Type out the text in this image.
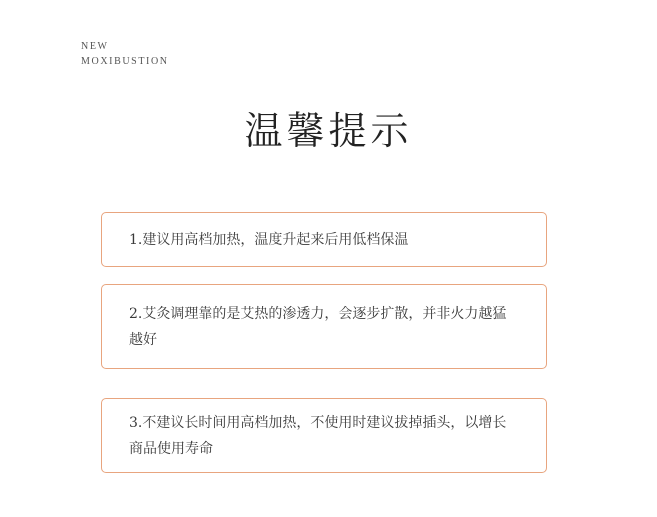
NEW
MOXIBUSTION
温馨提示
1.建议用高档加热，温度升起来后用低档保温
2.艾灸调理靠的是艾热的渗透力，会逐步扩散，并非火力越猛越好
3.不建议长时间用高档加热，不使用时建议拔掉插头，以增长商品使用寿命
